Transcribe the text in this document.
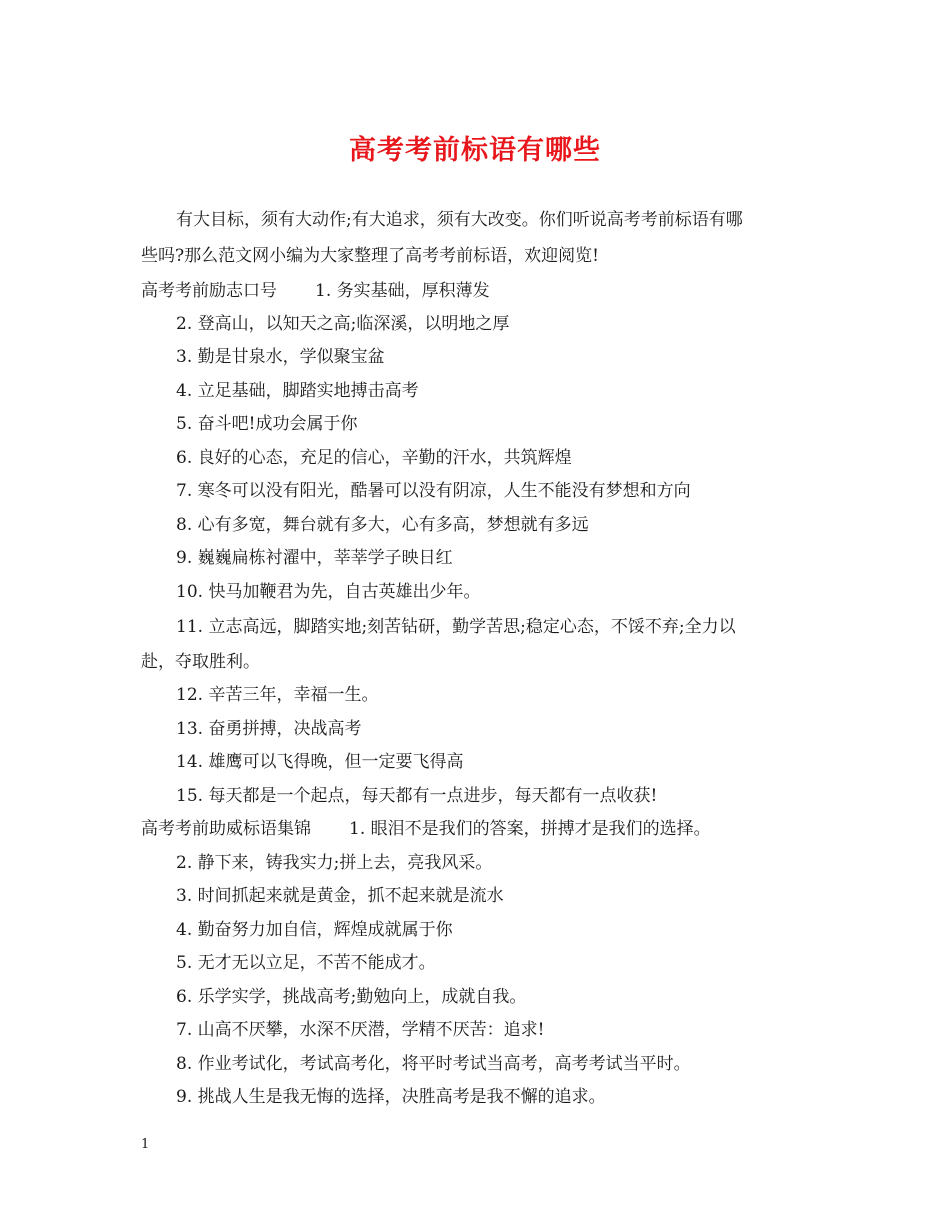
高考考前标语有哪些
有大目标，须有大动作;有大追求，须有大改变。你们听说高考考前标语有哪
些吗?那么范文网小编为大家整理了高考考前标语，欢迎阅览!
高考考前励志口号 1. 务实基础，厚积薄发
2. 登高山，以知天之高;临深溪，以明地之厚
3. 勤是甘泉水，学似聚宝盆
4. 立足基础，脚踏实地搏击高考
5. 奋斗吧!成功会属于你
6. 良好的心态，充足的信心，辛勤的汗水，共筑辉煌
7. 寒冬可以没有阳光，酷暑可以没有阴凉，人生不能没有梦想和方向
8. 心有多宽，舞台就有多大，心有多高，梦想就有多远
9. 巍巍扁栋衬濯中，莘莘学子映日红
10. 快马加鞭君为先，自古英雄出少年。
11. 立志高远，脚踏实地;刻苦钻研，勤学苦思;稳定心态，不馁不弃;全力以
赴，夺取胜利。
12. 辛苦三年，幸福一生。
13. 奋勇拼搏，决战高考
14. 雄鹰可以飞得晚，但一定要飞得高
15. 每天都是一个起点，每天都有一点进步，每天都有一点收获!
高考考前助威标语集锦 1. 眼泪不是我们的答案，拼搏才是我们的选择。
2. 静下来，铸我实力;拼上去，亮我风采。
3. 时间抓起来就是黄金，抓不起来就是流水
4. 勤奋努力加自信，辉煌成就属于你
5. 无才无以立足，不苦不能成才。
6. 乐学实学，挑战高考;勤勉向上，成就自我。
7. 山高不厌攀，水深不厌潜，学精不厌苦：追求!
8. 作业考试化，考试高考化，将平时考试当高考，高考考试当平时。
9. 挑战人生是我无悔的选择，决胜高考是我不懈的追求。
1
